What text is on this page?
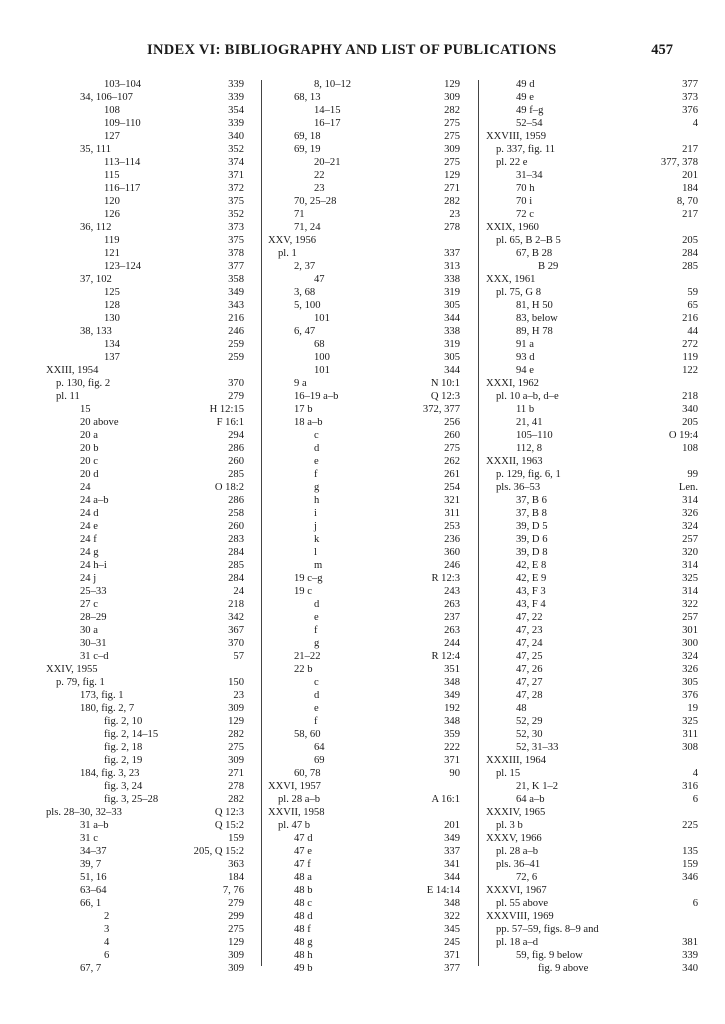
INDEX VI: BIBLIOGRAPHY AND LIST OF PUBLICATIONS	457
103–104	339
34, 106–107	339
108	354
109–110	339
127	340
35, 111	352
113–114	374
115	371
116–117	372
120	375
126	352
36, 112	373
119	375
121	378
123–124	377
37, 102	358
125	349
128	343
130	216
38, 133	246
134	259
137	259
XXIII, 1954
p. 130, fig. 2	370
pl. 11	279
15	H 12:15
20 above	F 16:1
20 a	294
20 b	286
20 c	260
20 d	285
24	O 18:2
24 a–b	286
24 d	258
24 e	260
24 f	283
24 g	284
24 h–i	285
24 j	284
25–33	24
27 c	218
28–29	342
30 a	367
30–31	370
31 c–d	57
XXIV, 1955
p. 79, fig. 1	150
173, fig. 1	23
180, fig. 2, 7	309
fig. 2, 10	129
fig. 2, 14–15	282
fig. 2, 18	275
fig. 2, 19	309
184, fig. 3, 23	271
fig. 3, 24	278
fig. 3, 25–28	282
pls. 28–30, 32–33	Q 12:3
31 a–b	Q 15:2
31 c	159
34–37	205, Q 15:2
39, 7	363
51, 16	184
63–64	7, 76
66, 1	279
2	299
3	275
4	129
6	309
67, 7	309
8, 10–12	129
68, 13	309
14–15	282
16–17	275
69, 18	275
69, 19	309
20–21	275
22	129
23	271
70, 25–28	282
71	23
71, 24	278
XXV, 1956
pl. 1	337
2, 37	313
47	338
3, 68	319
5, 100	305
101	344
6, 47	338
68	319
100	305
101	344
9 a	N 10:1
16–19 a–b	Q 12:3
17 b	372, 377
18 a–b	256
c	260
d	275
e	262
f	261
g	254
h	321
i	311
j	253
k	236
l	360
m	246
19 c–g	R 12:3
19 c	243
d	263
e	237
f	263
g	244
21–22	R 12:4
22 b	351
c	348
d	349
e	192
f	348
58, 60	359
64	222
69	371
60, 78	90
XXVI, 1957
pl. 28 a–b	A 16:1
XXVII, 1958
pl. 47 b	201
47 d	349
47 e	337
47 f	341
48 a	344
48 b	E 14:14
48 c	348
48 d	322
48 f	345
48 g	245
48 h	371
49 b	377
49 d	377
49 e	373
49 f–g	376
52–54	4
XXVIII, 1959
p. 337, fig. 11	217
pl. 22 e	377, 378
31–34	201
70 h	184
70 i	8, 70
72 c	217
XXIX, 1960
pl. 65, B 2–B 5	205
67, B 28	284
B 29	285
XXX, 1961
pl. 75, G 8	59
81, H 50	65
83, below	216
89, H 78	44
91 a	272
93 d	119
94 e	122
XXXI, 1962
pl. 10 a–b, d–e	218
11 b	340
21, 41	205
105–110	O 19:4
112, 8	108
XXXII, 1963
p. 129, fig. 6, 1	99
pls. 36–53	Len.
37, B 6	314
37, B 8	326
39, D 5	324
39, D 6	257
39, D 8	320
42, E 8	314
42, E 9	325
43, F 3	314
43, F 4	322
47, 22	257
47, 23	301
47, 24	300
47, 25	324
47, 26	326
47, 27	305
47, 28	376
48	19
52, 29	325
52, 30	311
52, 31–33	308
XXXIII, 1964
pl. 15	4
21, K 1–2	316
64 a–b	6
XXXIV, 1965
pl. 3 b	225
XXXV, 1966
pl. 28 a–b	135
pls. 36–41	159
72, 6	346
XXXVI, 1967
pl. 55 above	6
XXXVIII, 1969
pp. 57–59, figs. 8–9 and
pl. 18 a–d	381
59, fig. 9 below	339
fig. 9 above	340
